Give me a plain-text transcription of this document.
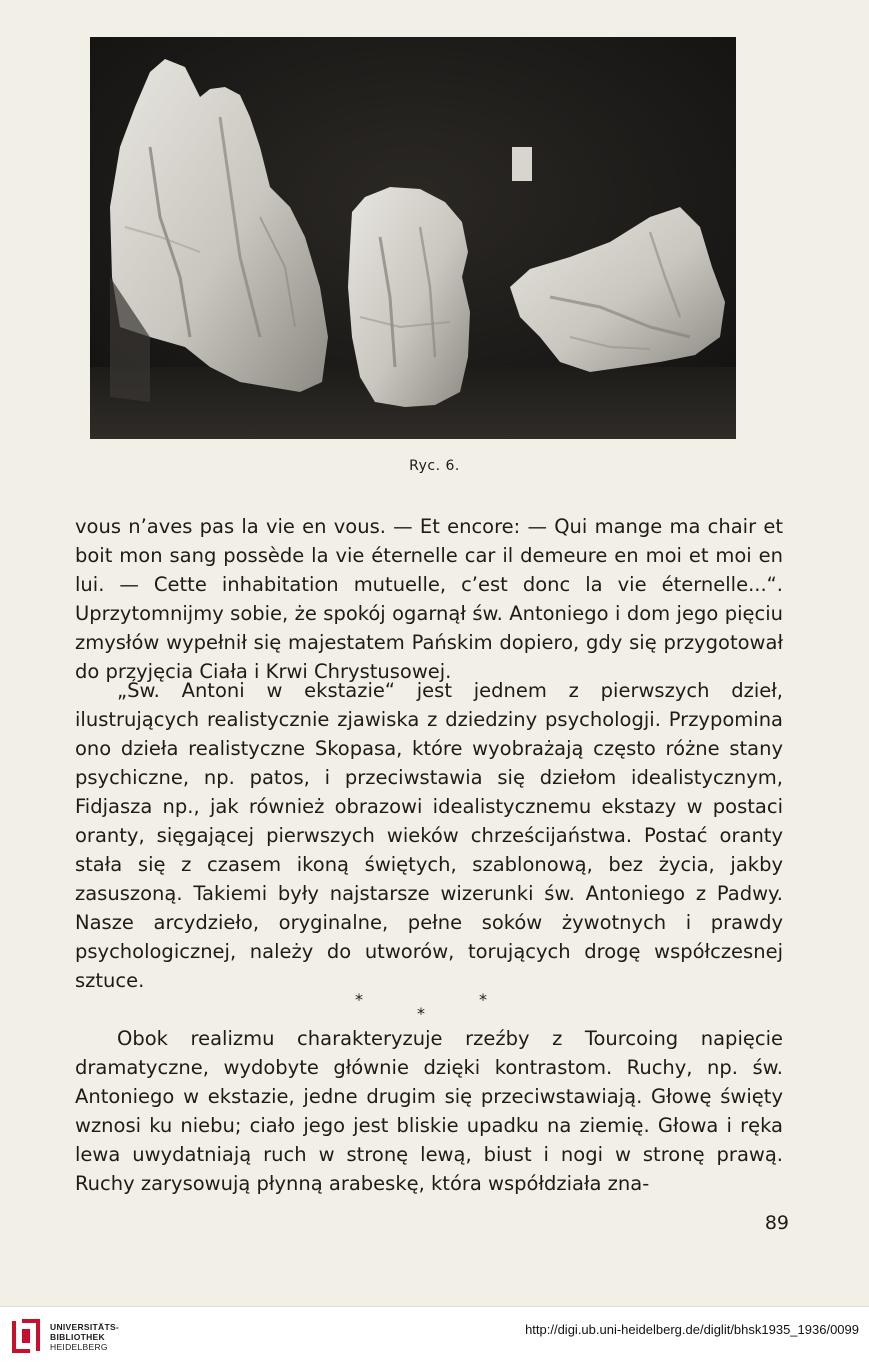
Ryc. 6.

vous n’aves pas la vie en vous. — Et encore: — Qui mange ma chair et boit mon sang possède la vie éternelle car il demeure en moi et moi en lui. — Cette inhabitation mutuelle, c’est donc la vie éternelle...“. Uprzytomnijmy sobie, że spokój ogarnął św. Antoniego i dom jego pięciu zmysłów wypełnił się majestatem Pańskim dopiero, gdy się przygotował do przyjęcia Ciała i Krwi Chrystusowej.

„Św. Antoni w ekstazie“ jest jednem z pierwszych dzieł, ilustrujących realistycznie zjawiska z dziedziny psychologji. Przypomina ono dzieła realistyczne Skopasa, które wyobrażają często różne stany psychiczne, np. patos, i przeciwstawia się dziełom idealistycznym, Fidjasza np., jak również obrazowi idealistycznemu ekstazy w postaci oranty, sięgającej pierwszych wieków chrześcijaństwa. Postać oranty stała się z czasem ikoną świętych, szablonową, bez życia, jakby zasuszoną. Takiemi były najstarsze wizerunki św. Antoniego z Padwy. Nasze arcydzieło, oryginalne, pełne soków żywotnych i prawdy psychologicznej, należy do utworów, torujących drogę współczesnej sztuce.

*
*
*

Obok realizmu charakteryzuje rzeźby z Tourcoing napięcie dramatyczne, wydobyte głównie dzięki kontrastom. Ruchy, np. św. Antoniego w ekstazie, jedne drugim się przeciwstawiają. Głowę święty wznosi ku niebu; ciało jego jest bliskie upadku na ziemię. Głowa i ręka lewa uwydatniają ruch w stronę lewą, biust i nogi w stronę prawą. Ruchy zarysowują płynną arabeskę, która współdziała zna-

89
UNIVERSITÄTS-
BIBLIOTHEK
HEIDELBERG
http://digi.ub.uni-heidelberg.de/diglit/bhsk1935_1936/0099
